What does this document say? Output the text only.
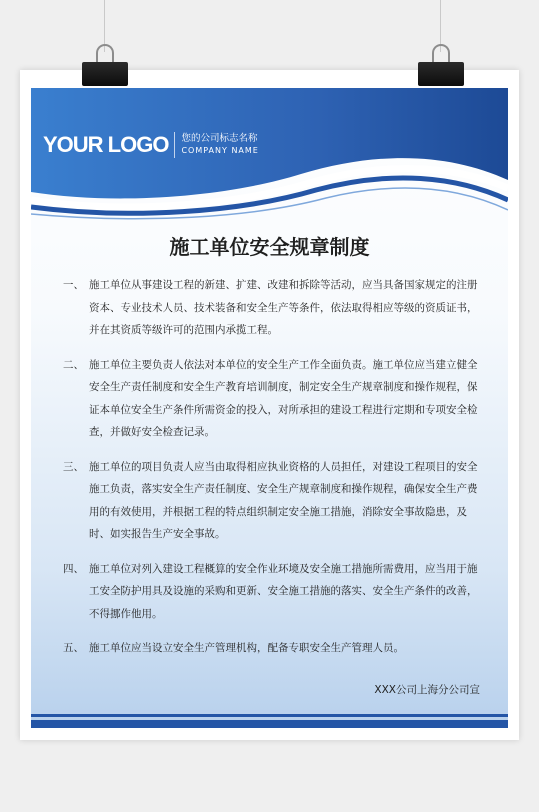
YOUR LOGO 您的公司标志名称
COMPANY NAME
施工单位安全规章制度
一、 施工单位从事建设工程的新建、扩建、改建和拆除等活动，应当具备国家规定的注册资本、专业技术人员、技术装备和安全生产等条件，依法取得相应等级的资质证书，并在其资质等级许可的范围内承揽工程。
二、 施工单位主要负责人依法对本单位的安全生产工作全面负责。施工单位应当建立健全安全生产责任制度和安全生产教育培训制度，制定安全生产规章制度和操作规程，保证本单位安全生产条件所需资金的投入，对所承担的建设工程进行定期和专项安全检查，并做好安全检查记录。
三、 施工单位的项目负责人应当由取得相应执业资格的人员担任，对建设工程项目的安全施工负责，落实安全生产责任制度、安全生产规章制度和操作规程，确保安全生产费用的有效使用，并根据工程的特点组织制定安全施工措施，消除安全事故隐患，及时、如实报告生产安全事故。
四、 施工单位对列入建设工程概算的安全作业环境及安全施工措施所需费用，应当用于施工安全防护用具及设施的采购和更新、安全施工措施的落实、安全生产条件的改善，不得挪作他用。
五、 施工单位应当设立安全生产管理机构，配备专职安全生产管理人员。
XXX公司上海分公司宣
